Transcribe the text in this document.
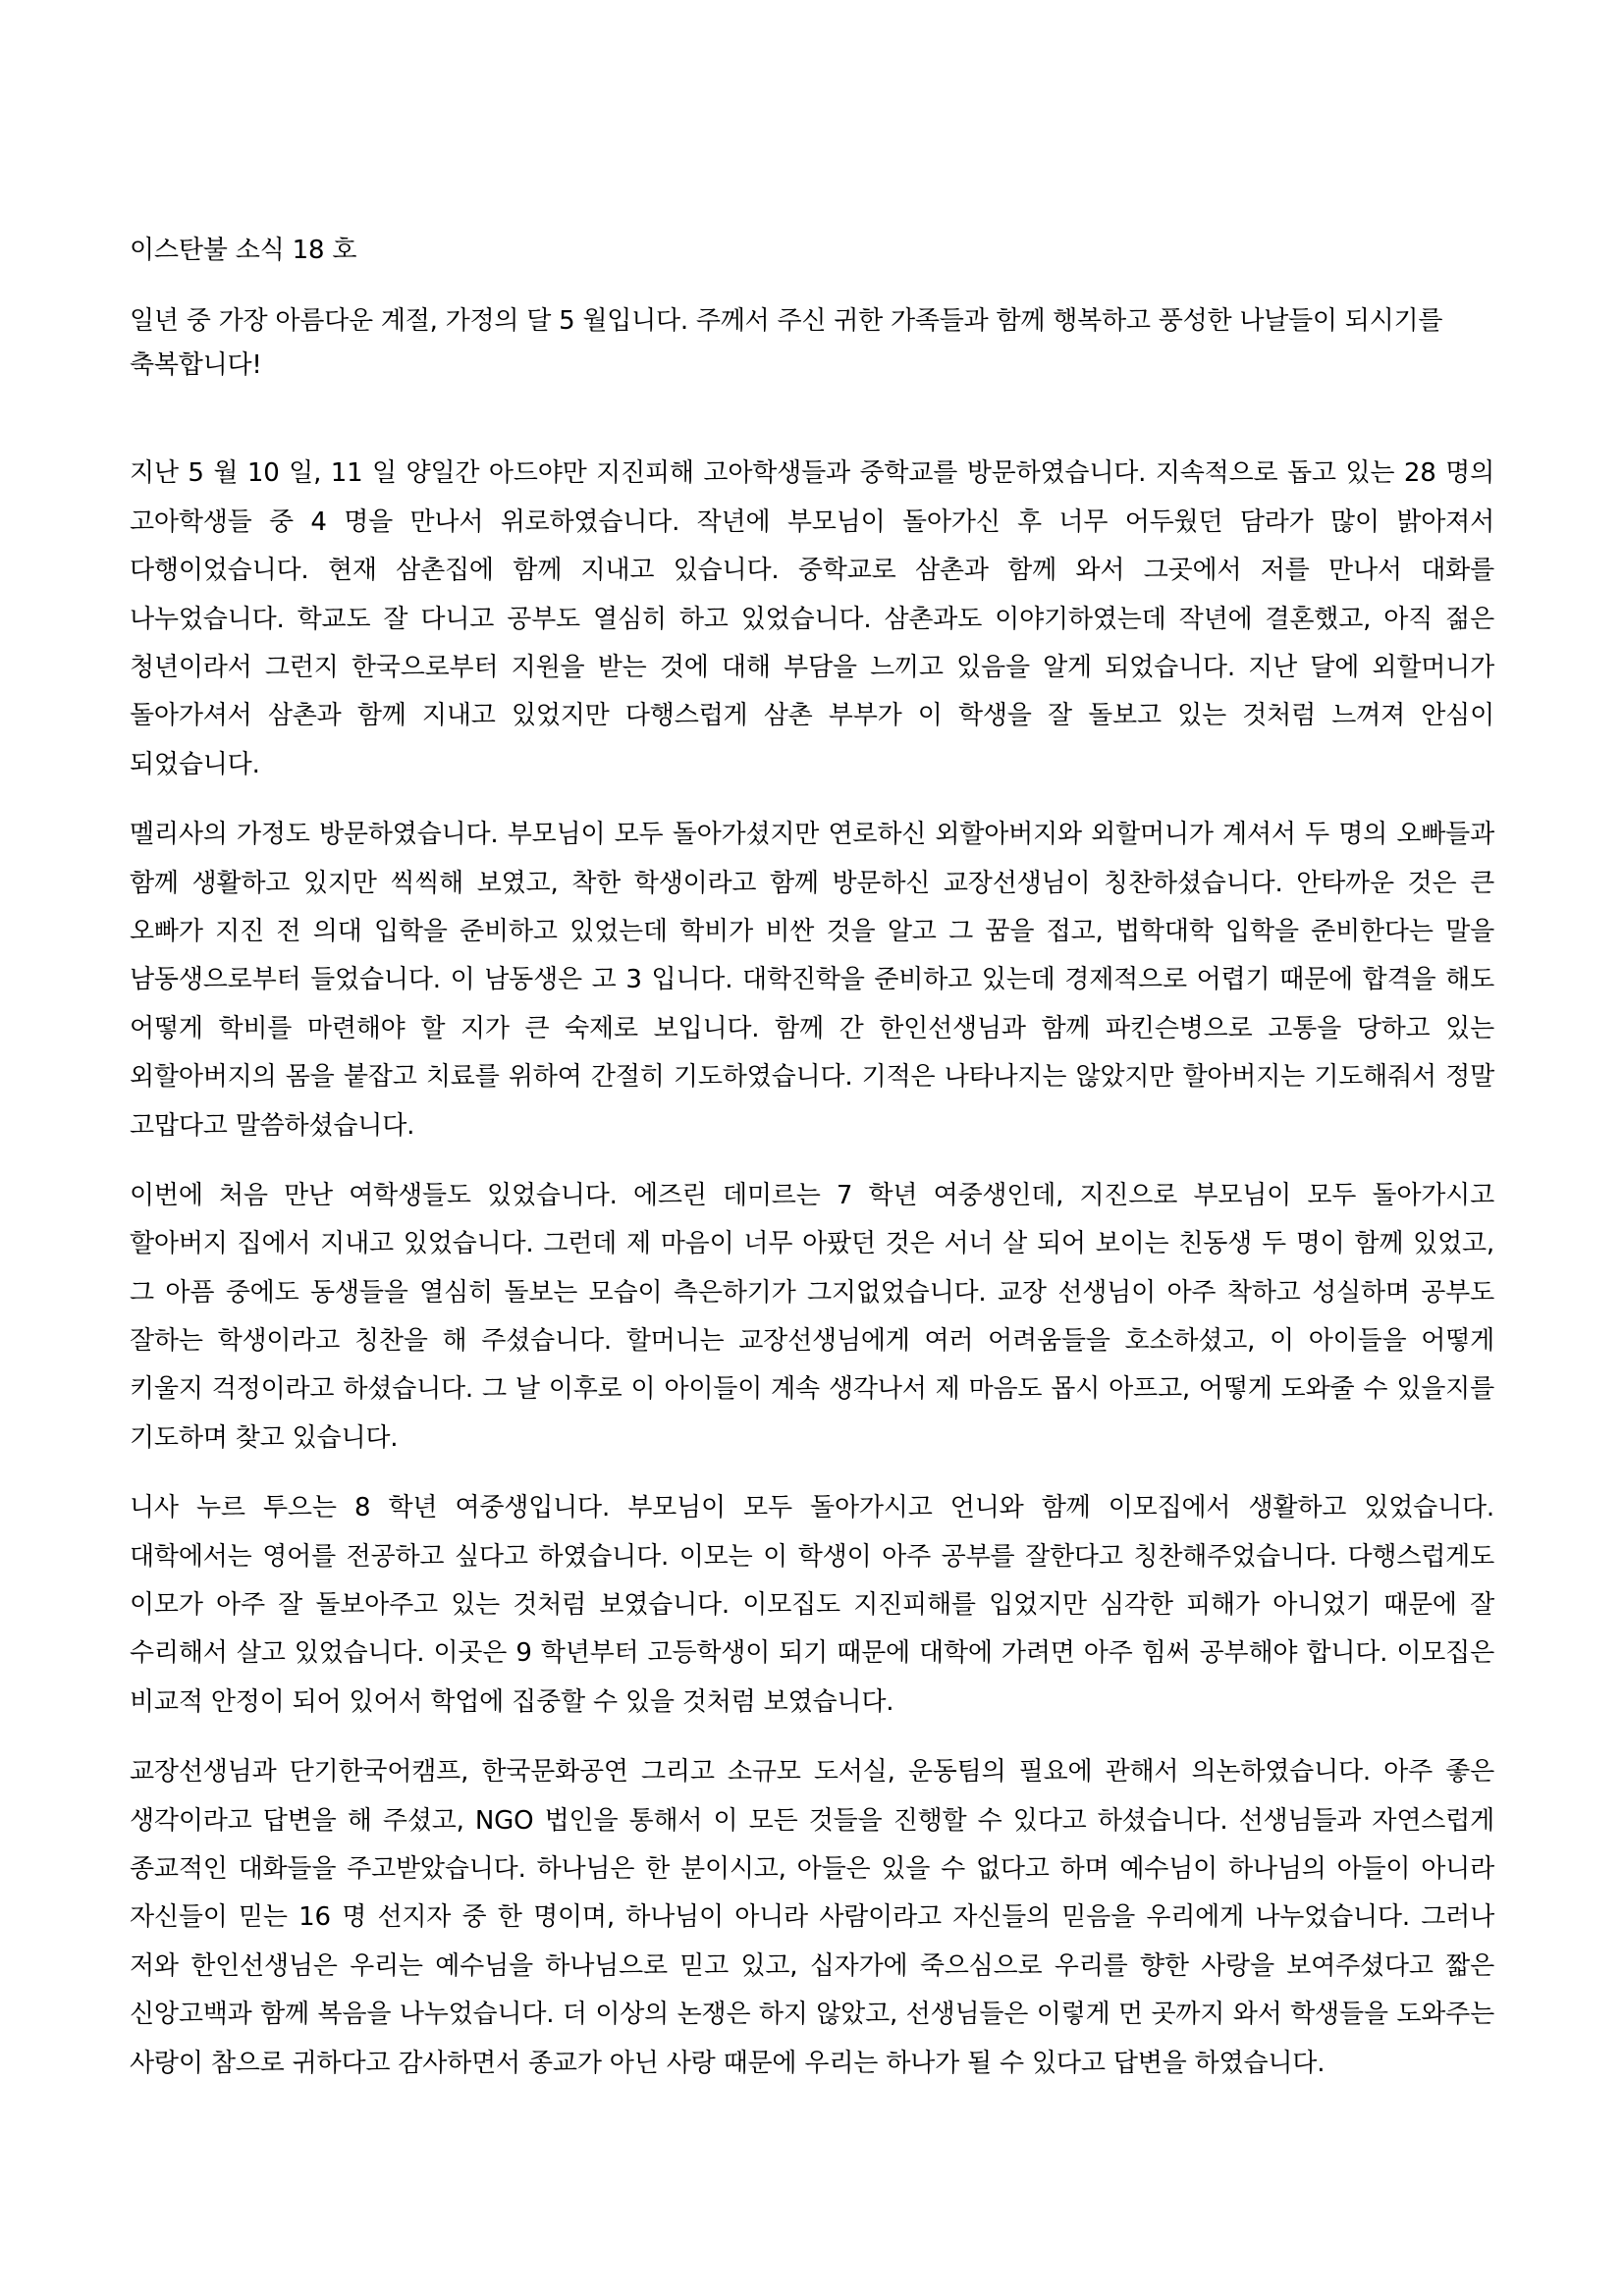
이스탄불 소식 18 호

일년 중 가장 아름다운 계절, 가정의 달 5 월입니다. 주께서 주신 귀한 가족들과 함께 행복하고 풍성한 나날들이 되시기를 축복합니다!

지난 5 월 10 일, 11 일 양일간 아드야만 지진피해 고아학생들과 중학교를 방문하였습니다. 지속적으로 돕고 있는 28 명의 고아학생들 중 4 명을 만나서 위로하였습니다. 작년에 부모님이 돌아가신 후 너무 어두웠던 담라가 많이 밝아져서 다행이었습니다. 현재 삼촌집에 함께 지내고 있습니다. 중학교로 삼촌과 함께 와서 그곳에서 저를 만나서 대화를 나누었습니다. 학교도 잘 다니고 공부도 열심히 하고 있었습니다. 삼촌과도 이야기하였는데 작년에 결혼했고, 아직 젊은 청년이라서 그런지 한국으로부터 지원을 받는 것에 대해 부담을 느끼고 있음을 알게 되었습니다. 지난 달에 외할머니가 돌아가셔서 삼촌과 함께 지내고 있었지만 다행스럽게 삼촌 부부가 이 학생을 잘 돌보고 있는 것처럼 느껴져 안심이 되었습니다.

멜리사의 가정도 방문하였습니다. 부모님이 모두 돌아가셨지만 연로하신 외할아버지와 외할머니가 계셔서 두 명의 오빠들과 함께 생활하고 있지만 씩씩해 보였고, 착한 학생이라고 함께 방문하신 교장선생님이 칭찬하셨습니다. 안타까운 것은 큰 오빠가 지진 전 의대 입학을 준비하고 있었는데 학비가 비싼 것을 알고 그 꿈을 접고, 법학대학 입학을 준비한다는 말을 남동생으로부터 들었습니다. 이 남동생은 고 3 입니다. 대학진학을 준비하고 있는데 경제적으로 어렵기 때문에 합격을 해도 어떻게 학비를 마련해야 할 지가 큰 숙제로 보입니다. 함께 간 한인선생님과 함께 파킨슨병으로 고통을 당하고 있는 외할아버지의 몸을 붙잡고 치료를 위하여 간절히 기도하였습니다. 기적은 나타나지는 않았지만 할아버지는 기도해줘서 정말 고맙다고 말씀하셨습니다.

이번에 처음 만난 여학생들도 있었습니다. 에즈린 데미르는 7 학년 여중생인데, 지진으로 부모님이 모두 돌아가시고 할아버지 집에서 지내고 있었습니다. 그런데 제 마음이 너무 아팠던 것은 서너 살 되어 보이는 친동생 두 명이 함께 있었고, 그 아픔 중에도 동생들을 열심히 돌보는 모습이 측은하기가 그지없었습니다. 교장 선생님이 아주 착하고 성실하며 공부도 잘하는 학생이라고 칭찬을 해 주셨습니다. 할머니는 교장선생님에게 여러 어려움들을 호소하셨고, 이 아이들을 어떻게 키울지 걱정이라고 하셨습니다. 그 날 이후로 이 아이들이 계속 생각나서 제 마음도 몹시 아프고, 어떻게 도와줄 수 있을지를 기도하며 찾고 있습니다.

니사 누르 투으는 8 학년 여중생입니다. 부모님이 모두 돌아가시고 언니와 함께 이모집에서 생활하고 있었습니다. 대학에서는 영어를 전공하고 싶다고 하였습니다. 이모는 이 학생이 아주 공부를 잘한다고 칭찬해주었습니다. 다행스럽게도 이모가 아주 잘 돌보아주고 있는 것처럼 보였습니다. 이모집도 지진피해를 입었지만 심각한 피해가 아니었기 때문에 잘 수리해서 살고 있었습니다. 이곳은 9 학년부터 고등학생이 되기 때문에 대학에 가려면 아주 힘써 공부해야 합니다. 이모집은 비교적 안정이 되어 있어서 학업에 집중할 수 있을 것처럼 보였습니다.

교장선생님과 단기한국어캠프, 한국문화공연 그리고 소규모 도서실, 운동팀의 필요에 관해서 의논하였습니다. 아주 좋은 생각이라고 답변을 해 주셨고, NGO 법인을 통해서 이 모든 것들을 진행할 수 있다고 하셨습니다. 선생님들과 자연스럽게 종교적인 대화들을 주고받았습니다. 하나님은 한 분이시고, 아들은 있을 수 없다고 하며 예수님이 하나님의 아들이 아니라 자신들이 믿는 16 명 선지자 중 한 명이며, 하나님이 아니라 사람이라고 자신들의 믿음을 우리에게 나누었습니다. 그러나 저와 한인선생님은 우리는 예수님을 하나님으로 믿고 있고, 십자가에 죽으심으로 우리를 향한 사랑을 보여주셨다고 짧은 신앙고백과 함께 복음을 나누었습니다. 더 이상의 논쟁은 하지 않았고, 선생님들은 이렇게 먼 곳까지 와서 학생들을 도와주는 사랑이 참으로 귀하다고 감사하면서 종교가 아닌 사랑 때문에 우리는 하나가 될 수 있다고 답변을 하였습니다.
